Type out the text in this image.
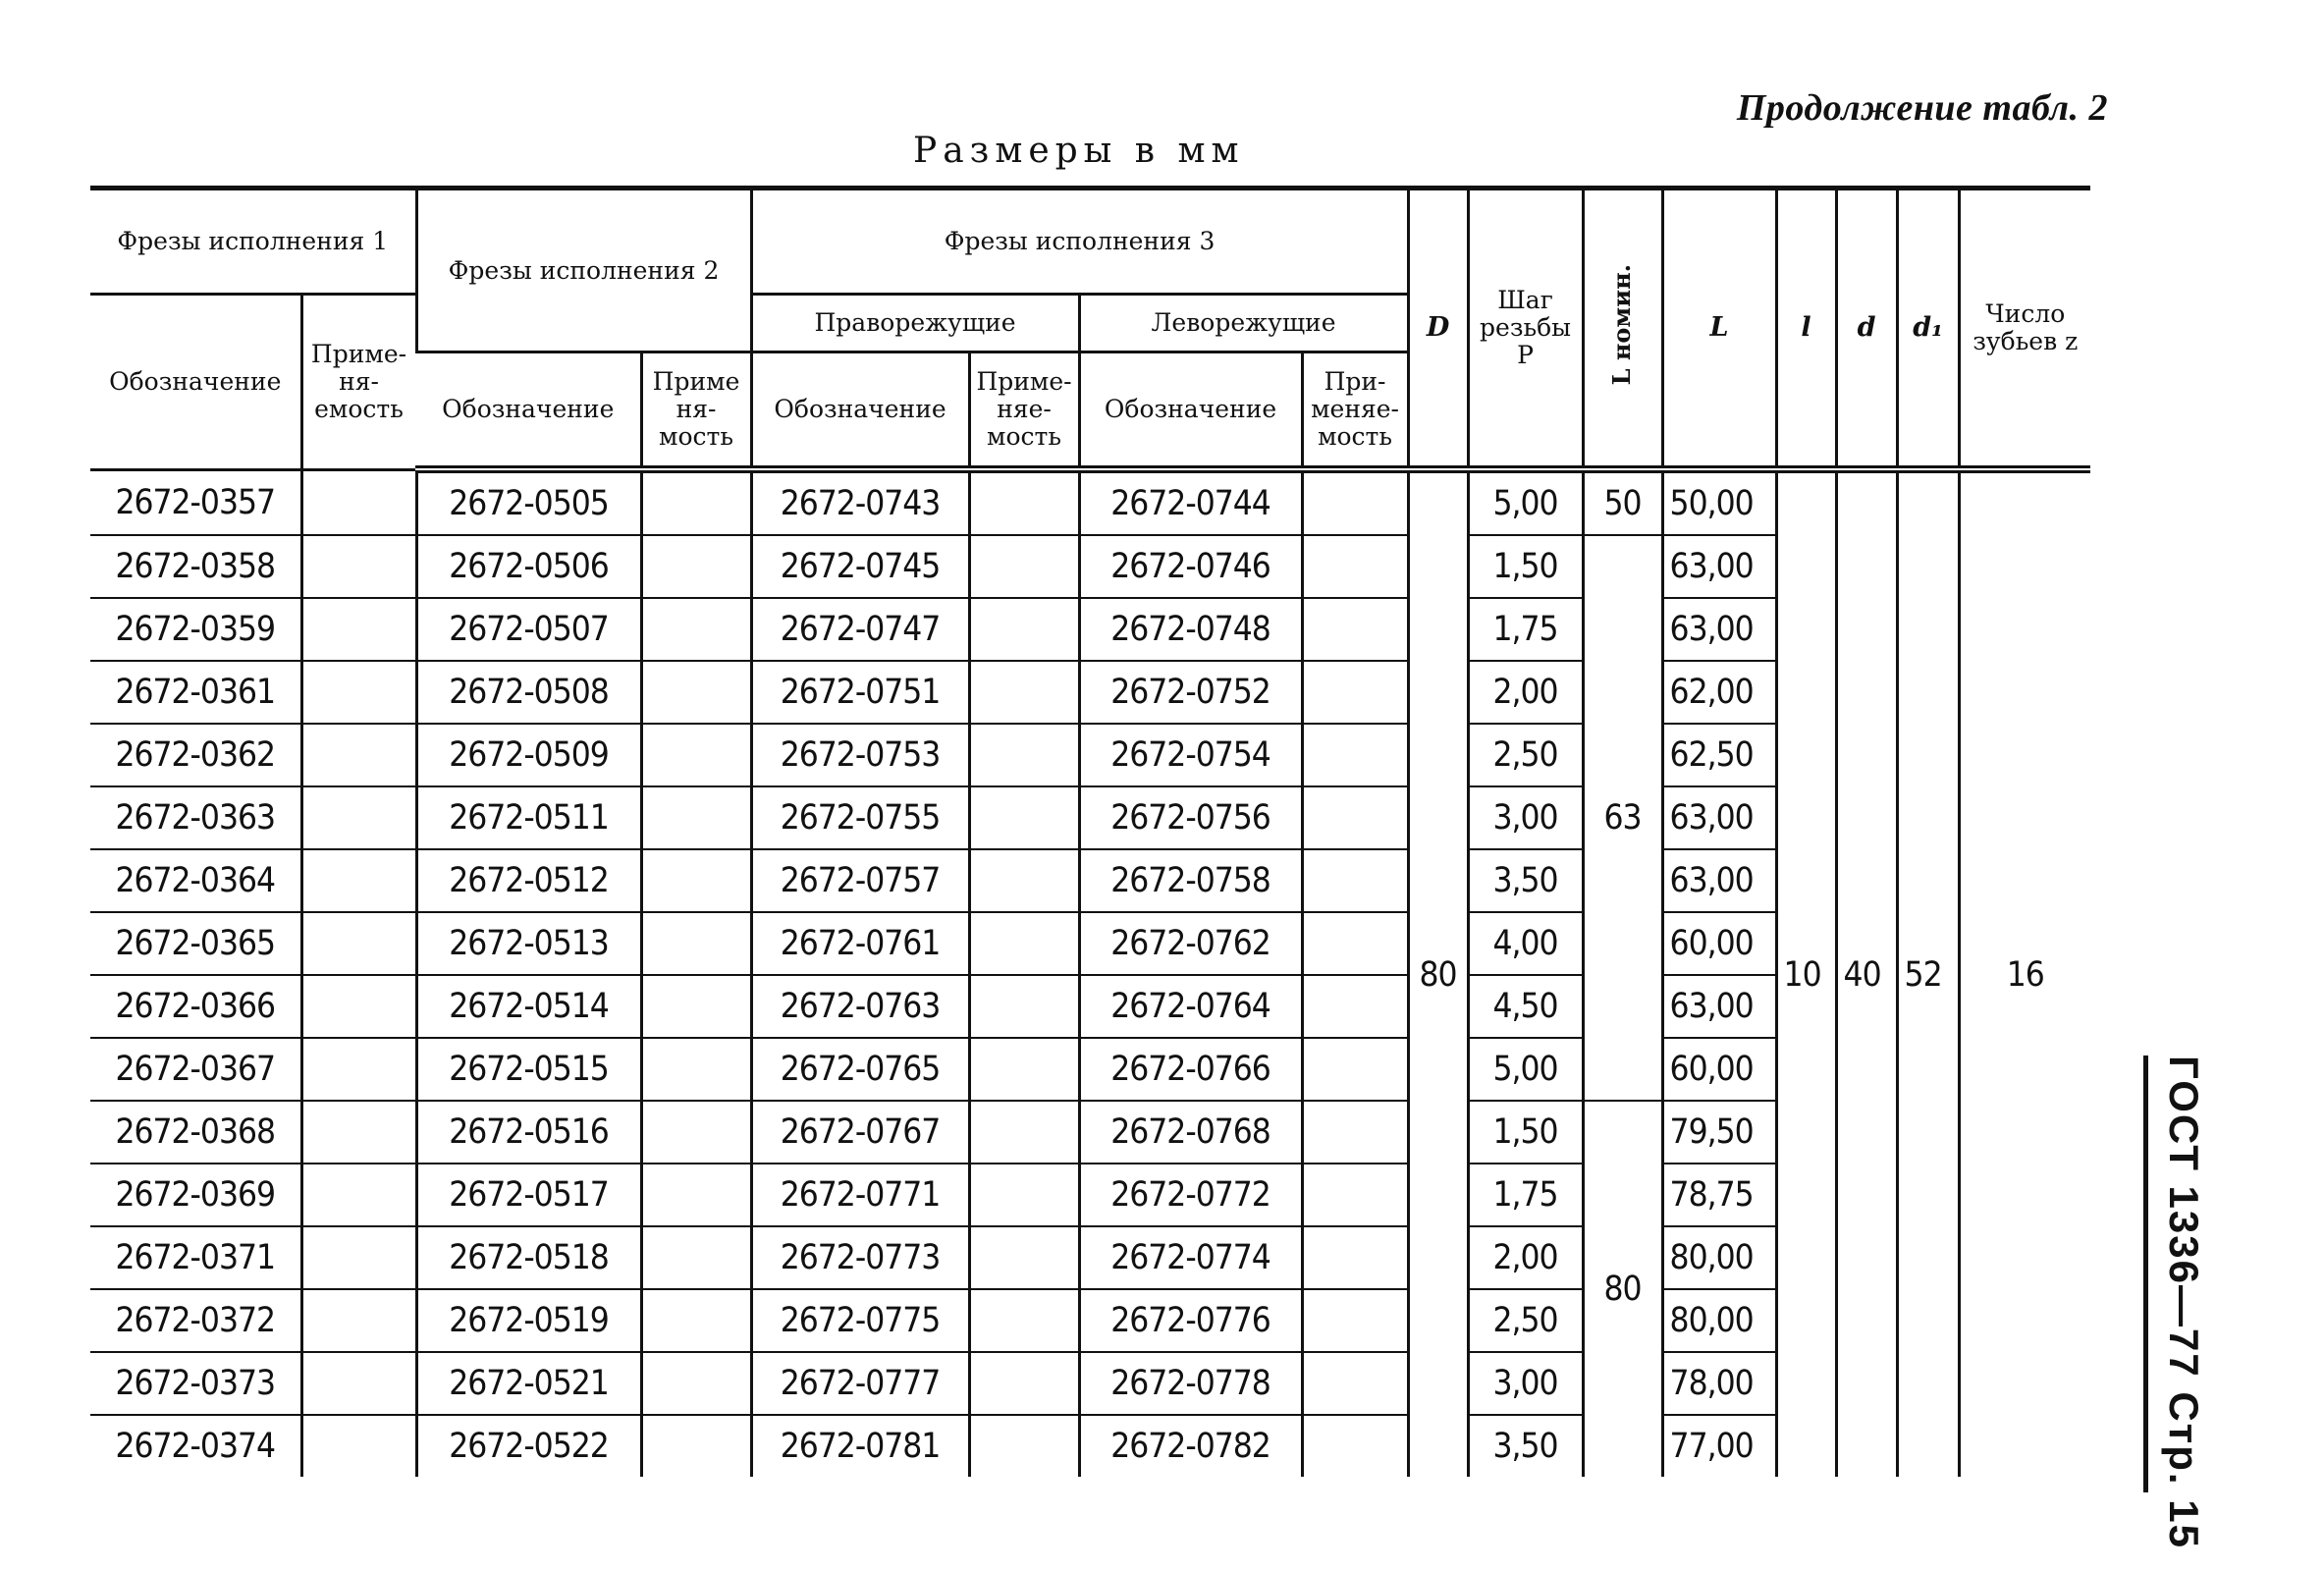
Продолжение табл. 2
Размеры в мм
ГОСТ 1336—77 Стр. 15
Фрезы исполнения 1		Фрезы исполнения 2		Фрезы исполнения 3				D	Шаг резьбы P	L номин.	L	l	d	d₁	Число зубьев z
Обозначение	Приме-ня-емость			Праворежущие		Леворежущие									
		Обозначение	Приме ня-мость	Обозначение	Приме-няе-мость	Обозначение	При-меняе-мость								
2672-0357		2672-0505		2672-0743		2672-0744		80	5,00	50	50,00	10	40	52	16
2672-0358		2672-0506		2672-0745		2672-0746			1,50	63	63,00				
2672-0359		2672-0507		2672-0747		2672-0748			1,75		63,00				
2672-0361		2672-0508		2672-0751		2672-0752			2,00		62,00				
2672-0362		2672-0509		2672-0753		2672-0754			2,50		62,50				
2672-0363		2672-0511		2672-0755		2672-0756			3,00		63,00				
2672-0364		2672-0512		2672-0757		2672-0758			3,50		63,00				
2672-0365		2672-0513		2672-0761		2672-0762			4,00		60,00				
2672-0366		2672-0514		2672-0763		2672-0764			4,50		63,00				
2672-0367		2672-0515		2672-0765		2672-0766			5,00		60,00				
2672-0368		2672-0516		2672-0767		2672-0768			1,50	80	79,50				
2672-0369		2672-0517		2672-0771		2672-0772			1,75		78,75				
2672-0371		2672-0518		2672-0773		2672-0774			2,00		80,00				
2672-0372		2672-0519		2672-0775		2672-0776			2,50		80,00				
2672-0373		2672-0521		2672-0777		2672-0778			3,00		78,00				
2672-0374		2672-0522		2672-0781		2672-0782			3,50		77,00				
